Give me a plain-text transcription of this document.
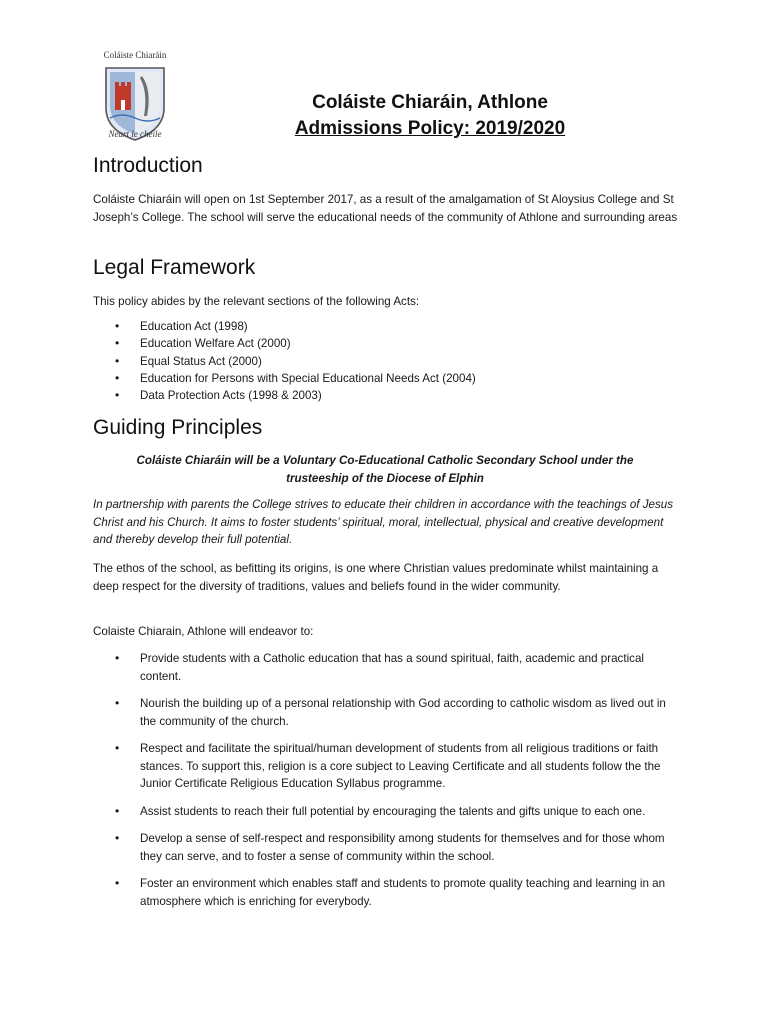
Coláiste Chiaráin
Neart le chéile
Coláiste Chiaráin, Athlone
Admissions Policy: 2019/2020
Introduction

Coláiste Chiaráin will open on 1st September 2017, as a result of the amalgamation of St Aloysius College and St Joseph’s College. The school will serve the educational needs of the community of Athlone and surrounding areas

Legal Framework

This policy abides by the relevant sections of the following Acts:

• Education Act (1998)
• Education Welfare Act (2000)
• Equal Status Act (2000)
• Education for Persons with Special Educational Needs Act (2004)
• Data Protection Acts (1998 & 2003)
Guiding Principles

Coláiste Chiaráin will be a Voluntary Co-Educational Catholic Secondary School under the trusteeship of the Diocese of Elphin

In partnership with parents the College strives to educate their children in accordance with the teachings of Jesus Christ and his Church. It aims to foster students’ spiritual, moral, intellectual, physical and creative development and thereby develop their full potential.

The ethos of the school, as befitting its origins, is one where Christian values predominate whilst maintaining a deep respect for the diversity of traditions, values and beliefs found in the wider community.

Colaiste Chiarain, Athlone will endeavor to:

• Provide students with a Catholic education that has a sound spiritual, faith, academic and practical content.
• Nourish the building up of a personal relationship with God according to catholic wisdom as lived out in the community of the church.
• Respect and facilitate the spiritual/human development of students from all religious traditions or faith stances. To support this, religion is a core subject to Leaving Certificate and all students follow the the Junior Certificate Religious Education Syllabus programme.
• Assist students to reach their full potential by encouraging the talents and gifts unique to each one.
• Develop a sense of self-respect and responsibility among students for themselves and for those whom they can serve, and to foster a sense of community within the school.
• Foster an environment which enables staff and students to promote quality teaching and learning in an atmosphere which is enriching for everybody.
